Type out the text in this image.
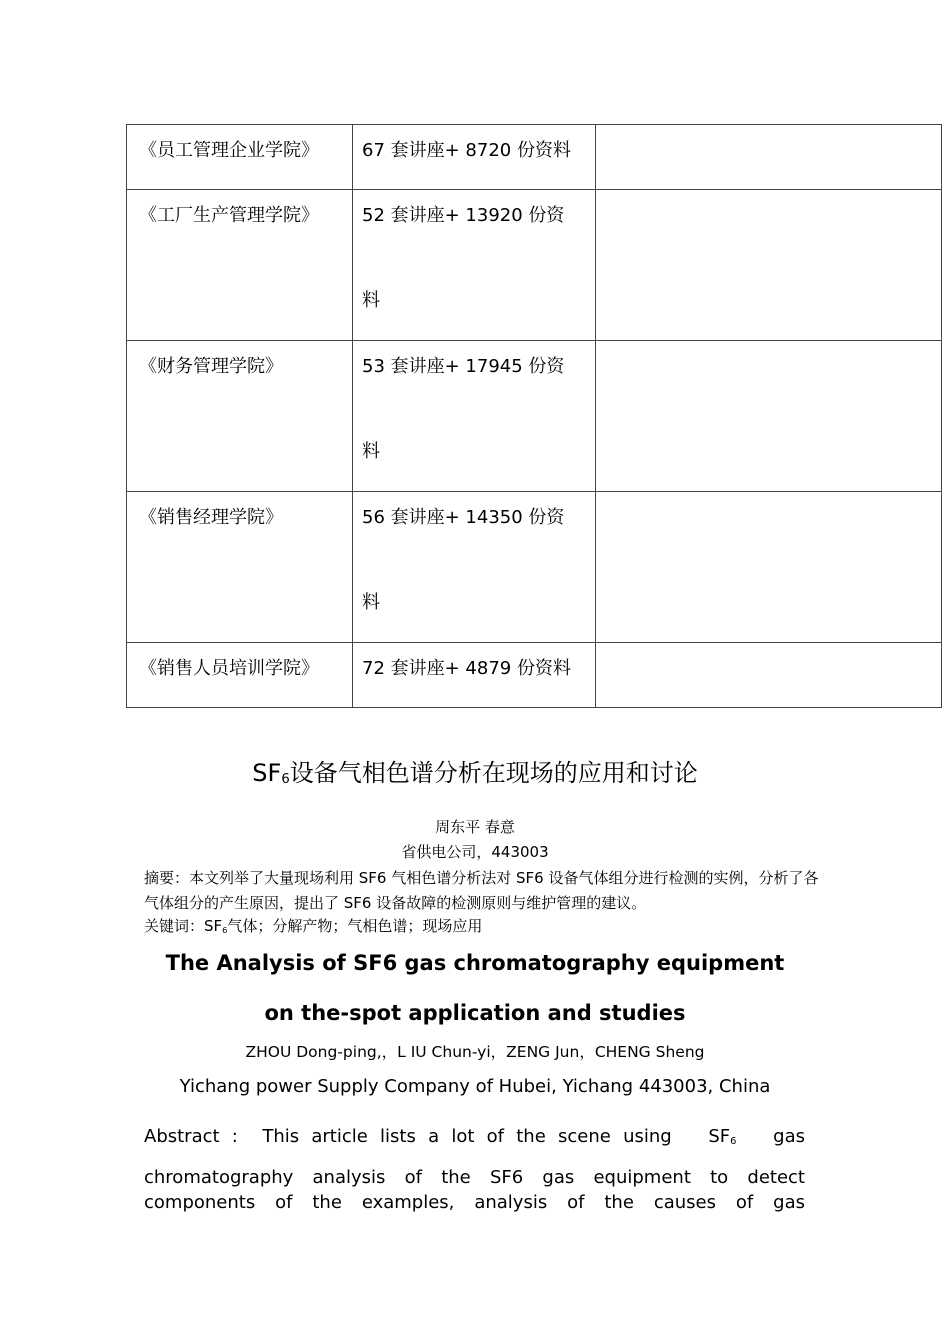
《员工管理企业学院》	67 套讲座+ 8720 份资料	
《工厂生产管理学院》	52 套讲座+ 13920 份资
料	

《财务管理学院》	53 套讲座+ 17945 份资
料	

《销售经理学院》	56 套讲座+ 14350 份资
料	

《销售人员培训学院》	72 套讲座+ 4879 份资料	
$SF_6$设备气相色谱分析在现场的应用和讨论
周东平 春意
省供电公司，443003
摘要：本文列举了大量现场利用 SF6 气相色谱分析法对 SF6 设备气体组分进行检测的实例，分析了各气体组分的产生原因，提出了 SF6 设备故障的检测原则与维护管理的建议。
关键词：$SF_6$气体；分解产物；气相色谱；现场应用
The Analysis of SF6 gas chromatography equipment
on the-spot application and studies
ZHOU Dong-ping,，L IU Chun-yi，ZENG Jun，CHENG Sheng
Yichang power Supply Company of Hubei, Yichang 443003, China
Abstract :  This article lists a lot of the scene using   $SF_6$   gas
chromatography analysis of the SF6 gas equipment to detect
components of the examples, analysis of the causes of gas
